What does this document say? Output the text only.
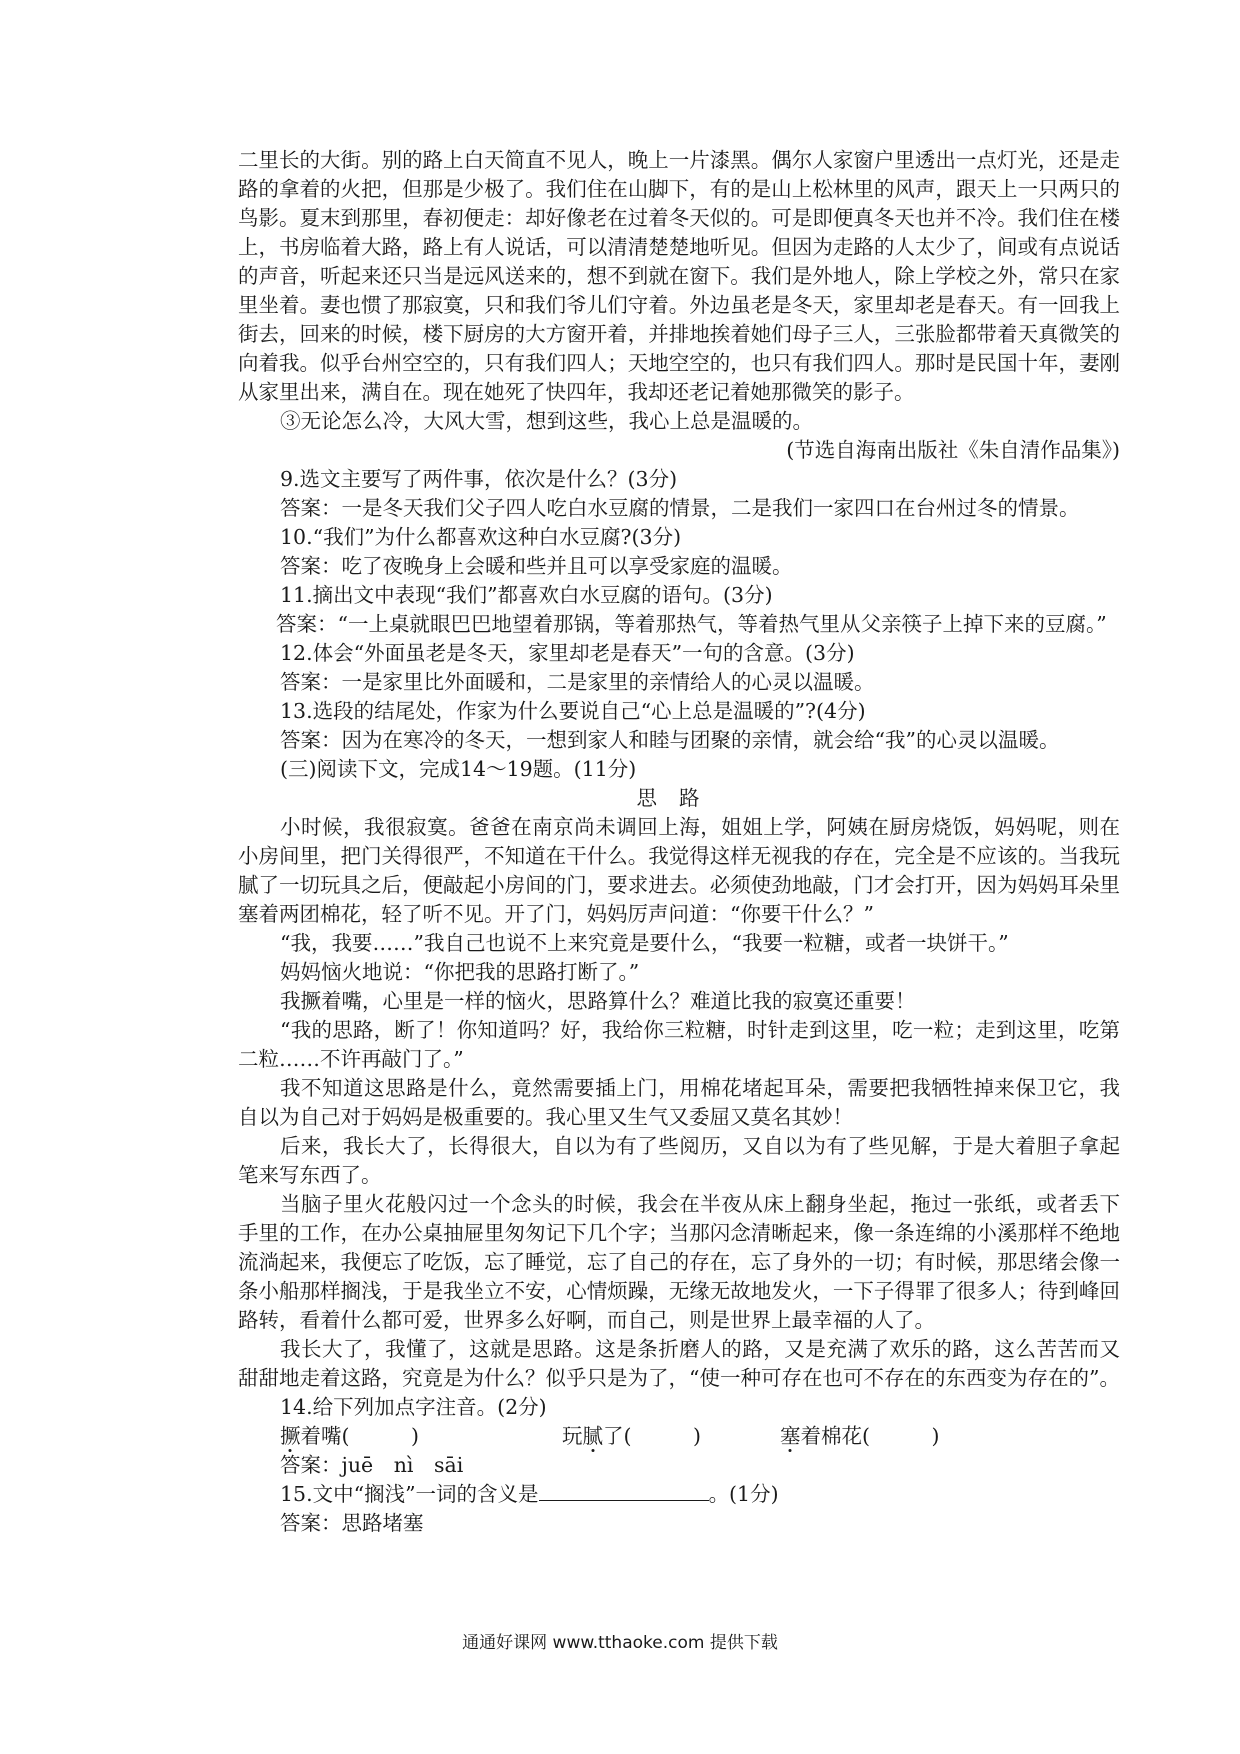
二里长的大街。别的路上白天简直不见人，晚上一片漆黑。偶尔人家窗户里透出一点灯光，还是走路的拿着的火把，但那是少极了。我们住在山脚下，有的是山上松林里的风声，跟天上一只两只的鸟影。夏末到那里，春初便走：却好像老在过着冬天似的。可是即便真冬天也并不冷。我们住在楼上，书房临着大路，路上有人说话，可以清清楚楚地听见。但因为走路的人太少了，间或有点说话的声音，听起来还只当是远风送来的，想不到就在窗下。我们是外地人，除上学校之外，常只在家里坐着。妻也惯了那寂寞，只和我们爷儿们守着。外边虽老是冬天，家里却老是春天。有一回我上街去，回来的时候，楼下厨房的大方窗开着，并排地挨着她们母子三人，三张脸都带着天真微笑的向着我。似乎台州空空的，只有我们四人；天地空空的，也只有我们四人。那时是民国十年，妻刚从家里出来，满自在。现在她死了快四年，我却还老记着她那微笑的影子。

③无论怎么冷，大风大雪，想到这些，我心上总是温暖的。

(节选自海南出版社《朱自清作品集》)

9.选文主要写了两件事，依次是什么？(3分)

答案：一是冬天我们父子四人吃白水豆腐的情景，二是我们一家四口在台州过冬的情景。

10.“我们”为什么都喜欢这种白水豆腐?(3分)

答案：吃了夜晚身上会暖和些并且可以享受家庭的温暖。

11.摘出文中表现“我们”都喜欢白水豆腐的语句。(3分)

答案：“一上桌就眼巴巴地望着那锅，等着那热气，等着热气里从父亲筷子上掉下来的豆腐。”

12.体会“外面虽老是冬天，家里却老是春天”一句的含意。(3分)

答案：一是家里比外面暖和，二是家里的亲情给人的心灵以温暖。

13.选段的结尾处，作家为什么要说自己“心上总是温暖的”?(4分)

答案：因为在寒冷的冬天，一想到家人和睦与团聚的亲情，就会给“我”的心灵以温暖。

(三)阅读下文，完成14～19题。(11分)

思路

小时候，我很寂寞。爸爸在南京尚未调回上海，姐姐上学，阿姨在厨房烧饭，妈妈呢，则在小房间里，把门关得很严，不知道在干什么。我觉得这样无视我的存在，完全是不应该的。当我玩腻了一切玩具之后，便敲起小房间的门，要求进去。必须使劲地敲，门才会打开，因为妈妈耳朵里塞着两团棉花，轻了听不见。开了门，妈妈厉声问道：“你要干什么？”

“我，我要……”我自己也说不上来究竟是要什么，“我要一粒糖，或者一块饼干。”

妈妈恼火地说：“你把我的思路打断了。”

我撅着嘴，心里是一样的恼火，思路算什么？难道比我的寂寞还重要！

“我的思路，断了！你知道吗？好，我给你三粒糖，时针走到这里，吃一粒；走到这里，吃第二粒……不许再敲门了。”

我不知道这思路是什么，竟然需要插上门，用棉花堵起耳朵，需要把我牺牲掉来保卫它，我自以为自己对于妈妈是极重要的。我心里又生气又委屈又莫名其妙！

后来，我长大了，长得很大，自以为有了些阅历，又自以为有了些见解，于是大着胆子拿起笔来写东西了。

当脑子里火花般闪过一个念头的时候，我会在半夜从床上翻身坐起，拖过一张纸，或者丢下手里的工作，在办公桌抽屉里匆匆记下几个字；当那闪念清晰起来，像一条连绵的小溪那样不绝地流淌起来，我便忘了吃饭，忘了睡觉，忘了自己的存在，忘了身外的一切；有时候，那思绪会像一条小船那样搁浅，于是我坐立不安，心情烦躁，无缘无故地发火，一下子得罪了很多人；待到峰回路转，看着什么都可爱，世界多么好啊，而自己，则是世界上最幸福的人了。

我长大了，我懂了，这就是思路。这是条折磨人的路，又是充满了欢乐的路，这么苦苦而又甜甜地走着这路，究竟是为什么？似乎只是为了，“使一种可存在也可不存在的东西变为存在的”。

14.给下列加点字注音。(2分)

撅着嘴(　　　)	玩腻了(　　　)	塞着棉花(　　　)

答案：juē　nì　sāi

15.文中“搁浅”一词的含义是	。(1分)

答案：思路堵塞

通通好课网 www.tthaoke.com 提供下载
